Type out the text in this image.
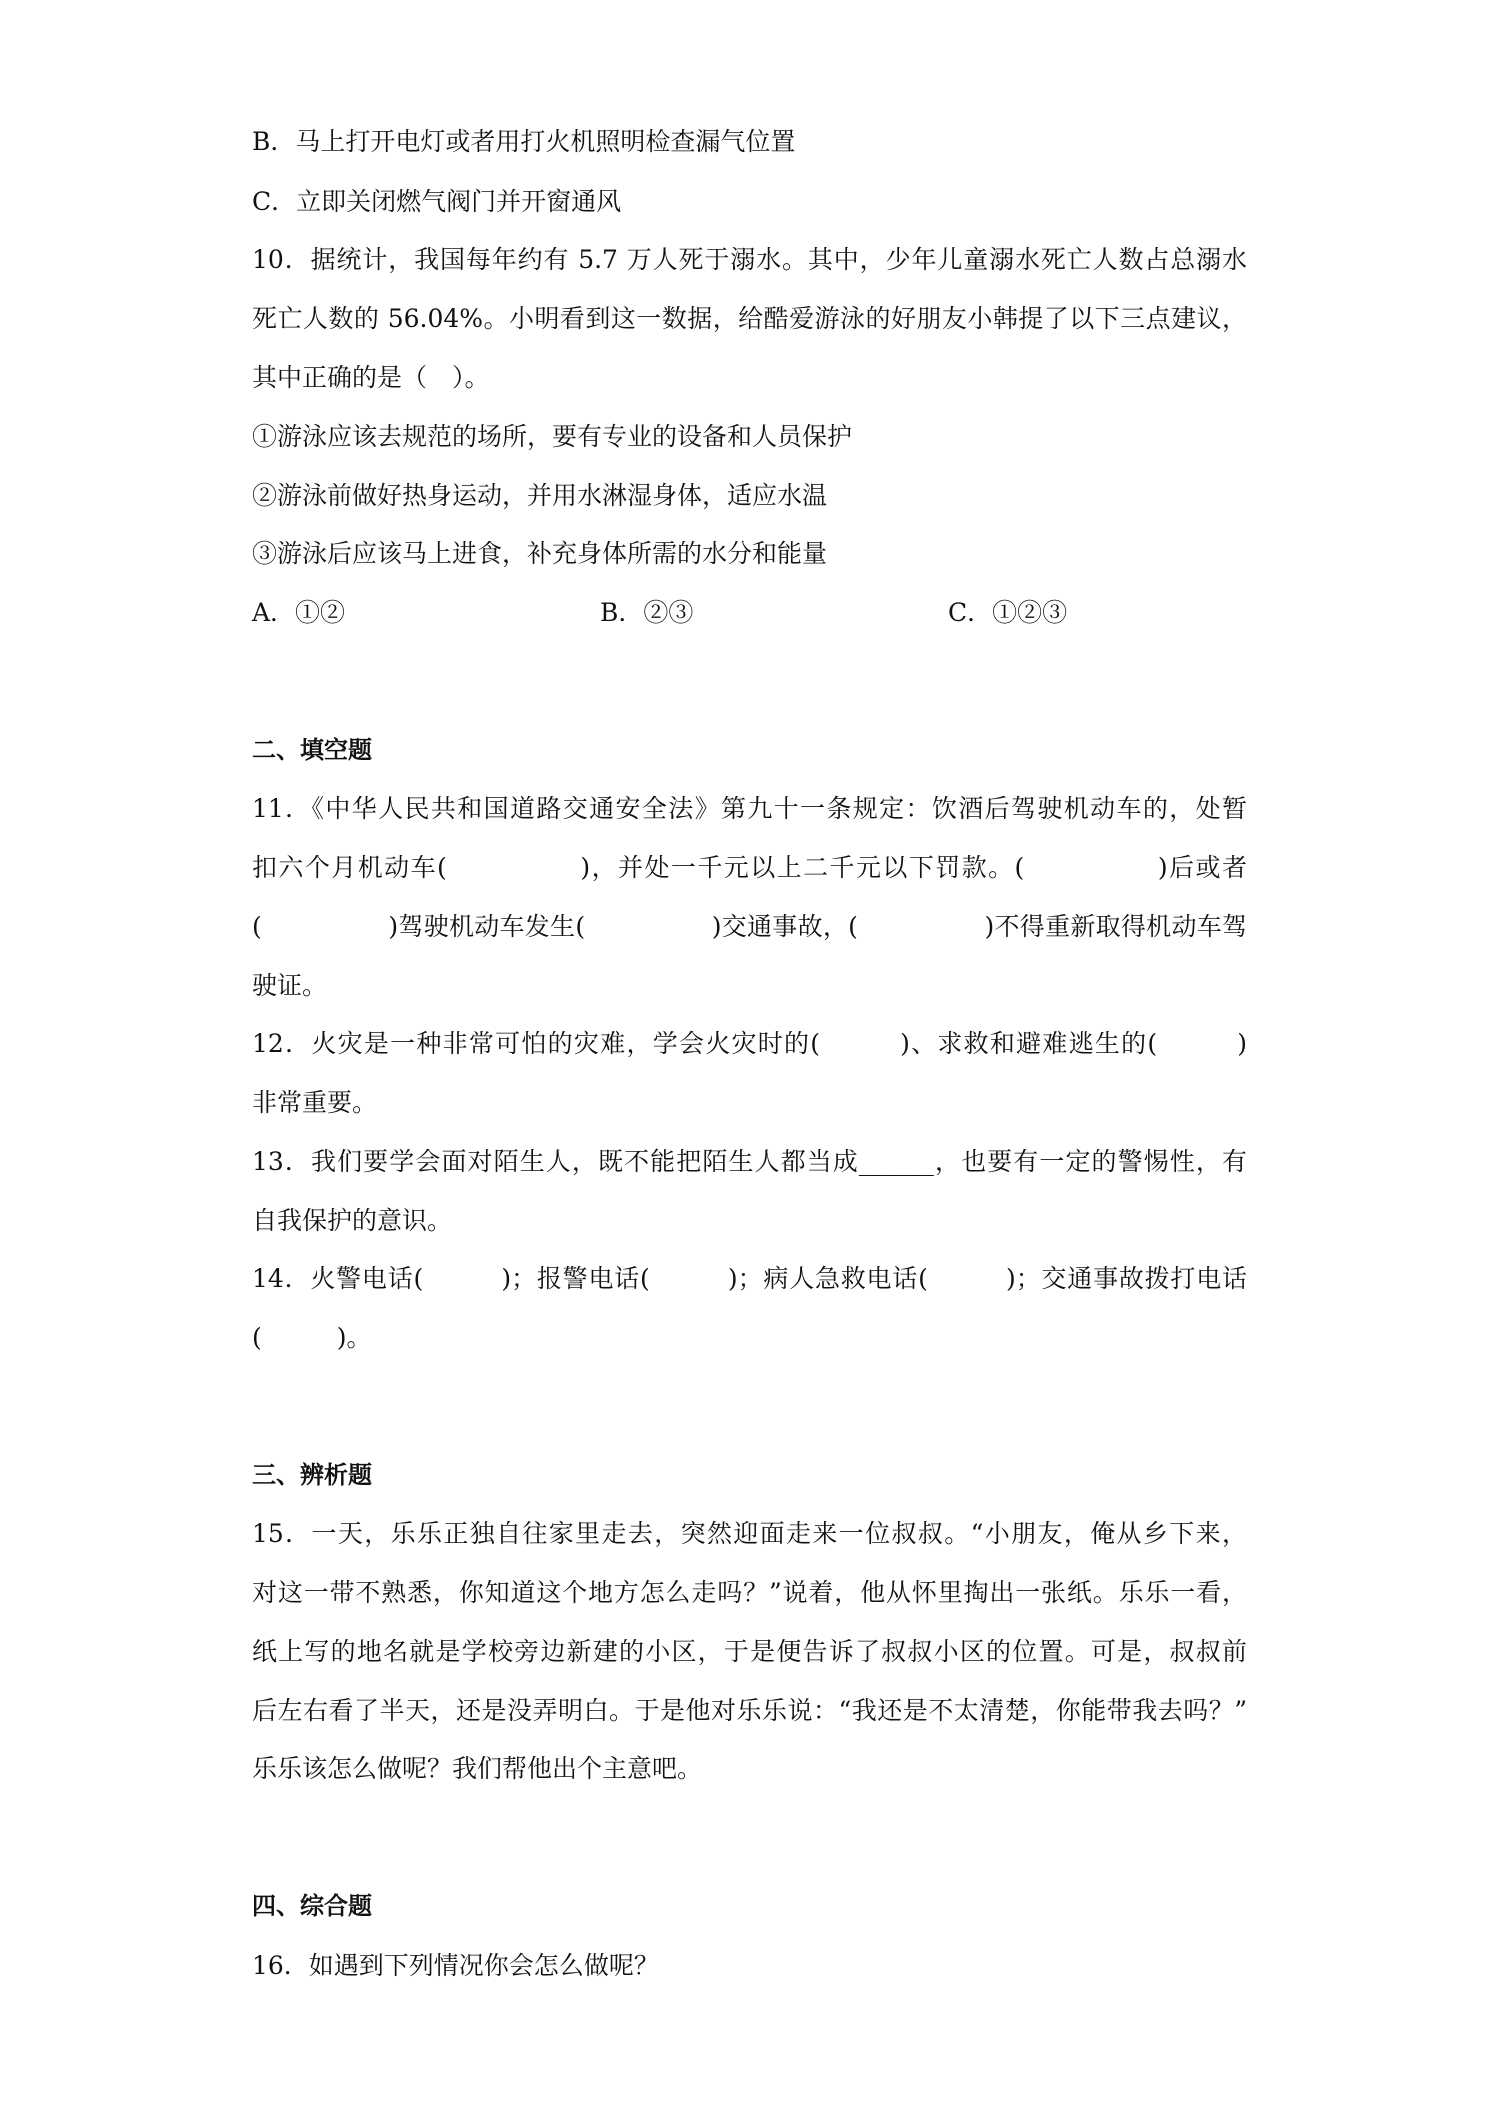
B．马上打开电灯或者用打火机照明检查漏气位置
C．立即关闭燃气阀门并开窗通风
10．据统计，我国每年约有 5.7 万人死于溺水。其中，少年儿童溺水死亡人数占总溺水
死亡人数的 56.04%。小明看到这一数据，给酷爱游泳的好朋友小韩提了以下三点建议，
其中正确的是（　）。
①游泳应该去规范的场所，要有专业的设备和人员保护
②游泳前做好热身运动，并用水淋湿身体，适应水温
③游泳后应该马上进食，补充身体所需的水分和能量
A．①②	B．②③	C．①②③
二、填空题
11．《中华人民共和国道路交通安全法》第九十一条规定：饮酒后驾驶机动车的，处暂
扣六个月机动车(　　　　　)，并处一千元以上二千元以下罚款。(　　　　　)后或者
(　　　　　)驾驶机动车发生(　　　　　)交通事故，(　　　　　)不得重新取得机动车驾
驶证。
12．火灾是一种非常可怕的灾难，学会火灾时的(　　　)、求救和避难逃生的(　　　)
非常重要。
13．我们要学会面对陌生人，既不能把陌生人都当成______，也要有一定的警惕性，有
自我保护的意识。
14．火警电话(　　　)；报警电话(　　　)；病人急救电话(　　　)；交通事故拨打电话
(　　　)。
三、辨析题
15．一天，乐乐正独自往家里走去，突然迎面走来一位叔叔。“小朋友，俺从乡下来，
对这一带不熟悉，你知道这个地方怎么走吗？”说着，他从怀里掏出一张纸。乐乐一看，
纸上写的地名就是学校旁边新建的小区，于是便告诉了叔叔小区的位置。可是，叔叔前
后左右看了半天，还是没弄明白。于是他对乐乐说：“我还是不太清楚，你能带我去吗？”
乐乐该怎么做呢？我们帮他出个主意吧。
四、综合题
16．如遇到下列情况你会怎么做呢？
